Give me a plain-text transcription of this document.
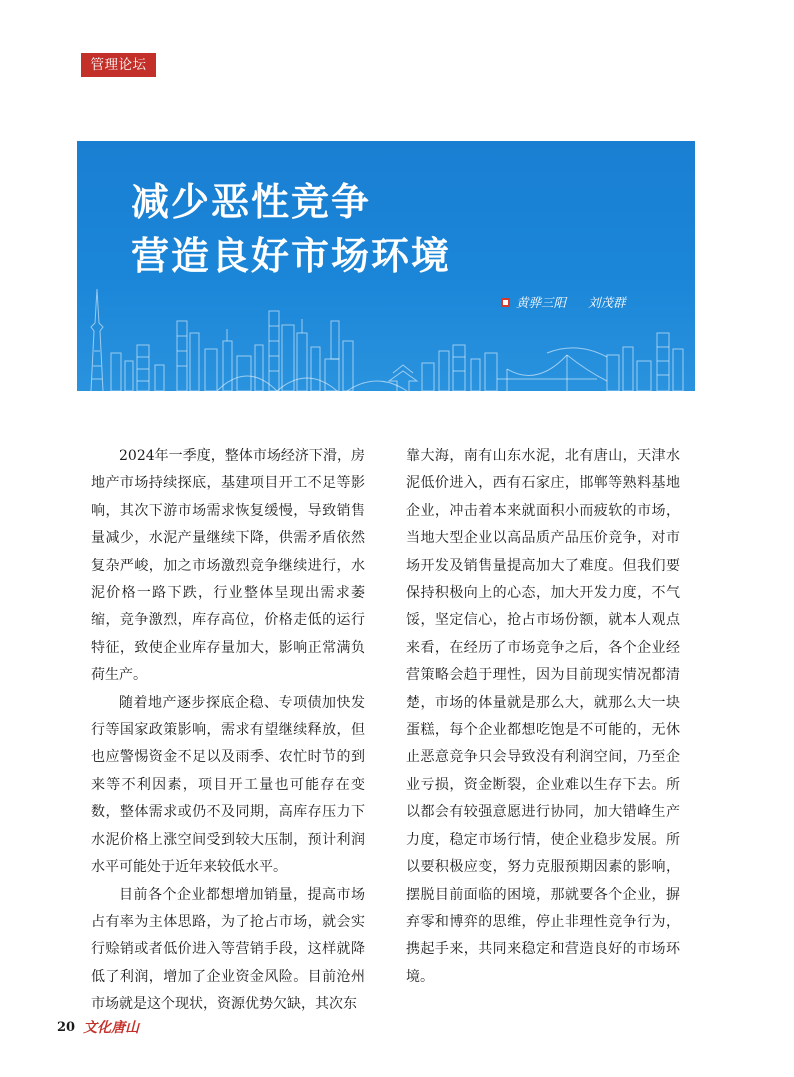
管理论坛
减少恶性竞争
营造良好市场环境
黄骅三阳 刘茂群

2024年一季度，整体市场经济下滑，房地产市场持续探底，基建项目开工不足等影响，其次下游市场需求恢复缓慢，导致销售量减少，水泥产量继续下降，供需矛盾依然复杂严峻，加之市场激烈竞争继续进行，水泥价格一路下跌，行业整体呈现出需求萎缩，竞争激烈，库存高位，价格走低的运行特征，致使企业库存量加大，影响正常满负荷生产。

随着地产逐步探底企稳、专项债加快发行等国家政策影响，需求有望继续释放，但也应警惕资金不足以及雨季、农忙时节的到来等不利因素，项目开工量也可能存在变数，整体需求或仍不及同期，高库存压力下水泥价格上涨空间受到较大压制，预计利润水平可能处于近年来较低水平。

目前各个企业都想增加销量，提高市场占有率为主体思路，为了抢占市场，就会实行赊销或者低价进入等营销手段，这样就降低了利润，增加了企业资金风险。目前沧州市场就是这个现状，资源优势欠缺，其次东

靠大海，南有山东水泥，北有唐山，天津水泥低价进入，西有石家庄，邯郸等熟料基地企业，冲击着本来就面积小而疲软的市场，当地大型企业以高品质产品压价竞争，对市场开发及销售量提高加大了难度。但我们要保持积极向上的心态，加大开发力度，不气馁，坚定信心，抢占市场份额，就本人观点来看，在经历了市场竞争之后，各个企业经营策略会趋于理性，因为目前现实情况都清楚，市场的体量就是那么大，就那么大一块蛋糕，每个企业都想吃饱是不可能的，无休止恶意竞争只会导致没有利润空间，乃至企业亏损，资金断裂，企业难以生存下去。所以都会有较强意愿进行协同，加大错峰生产力度，稳定市场行情，使企业稳步发展。所以要积极应变，努力克服预期因素的影响，摆脱目前面临的困境，那就要各个企业，摒弃零和博弈的思维，停止非理性竞争行为，携起手来，共同来稳定和营造良好的市场环境。

20 文化唐山
